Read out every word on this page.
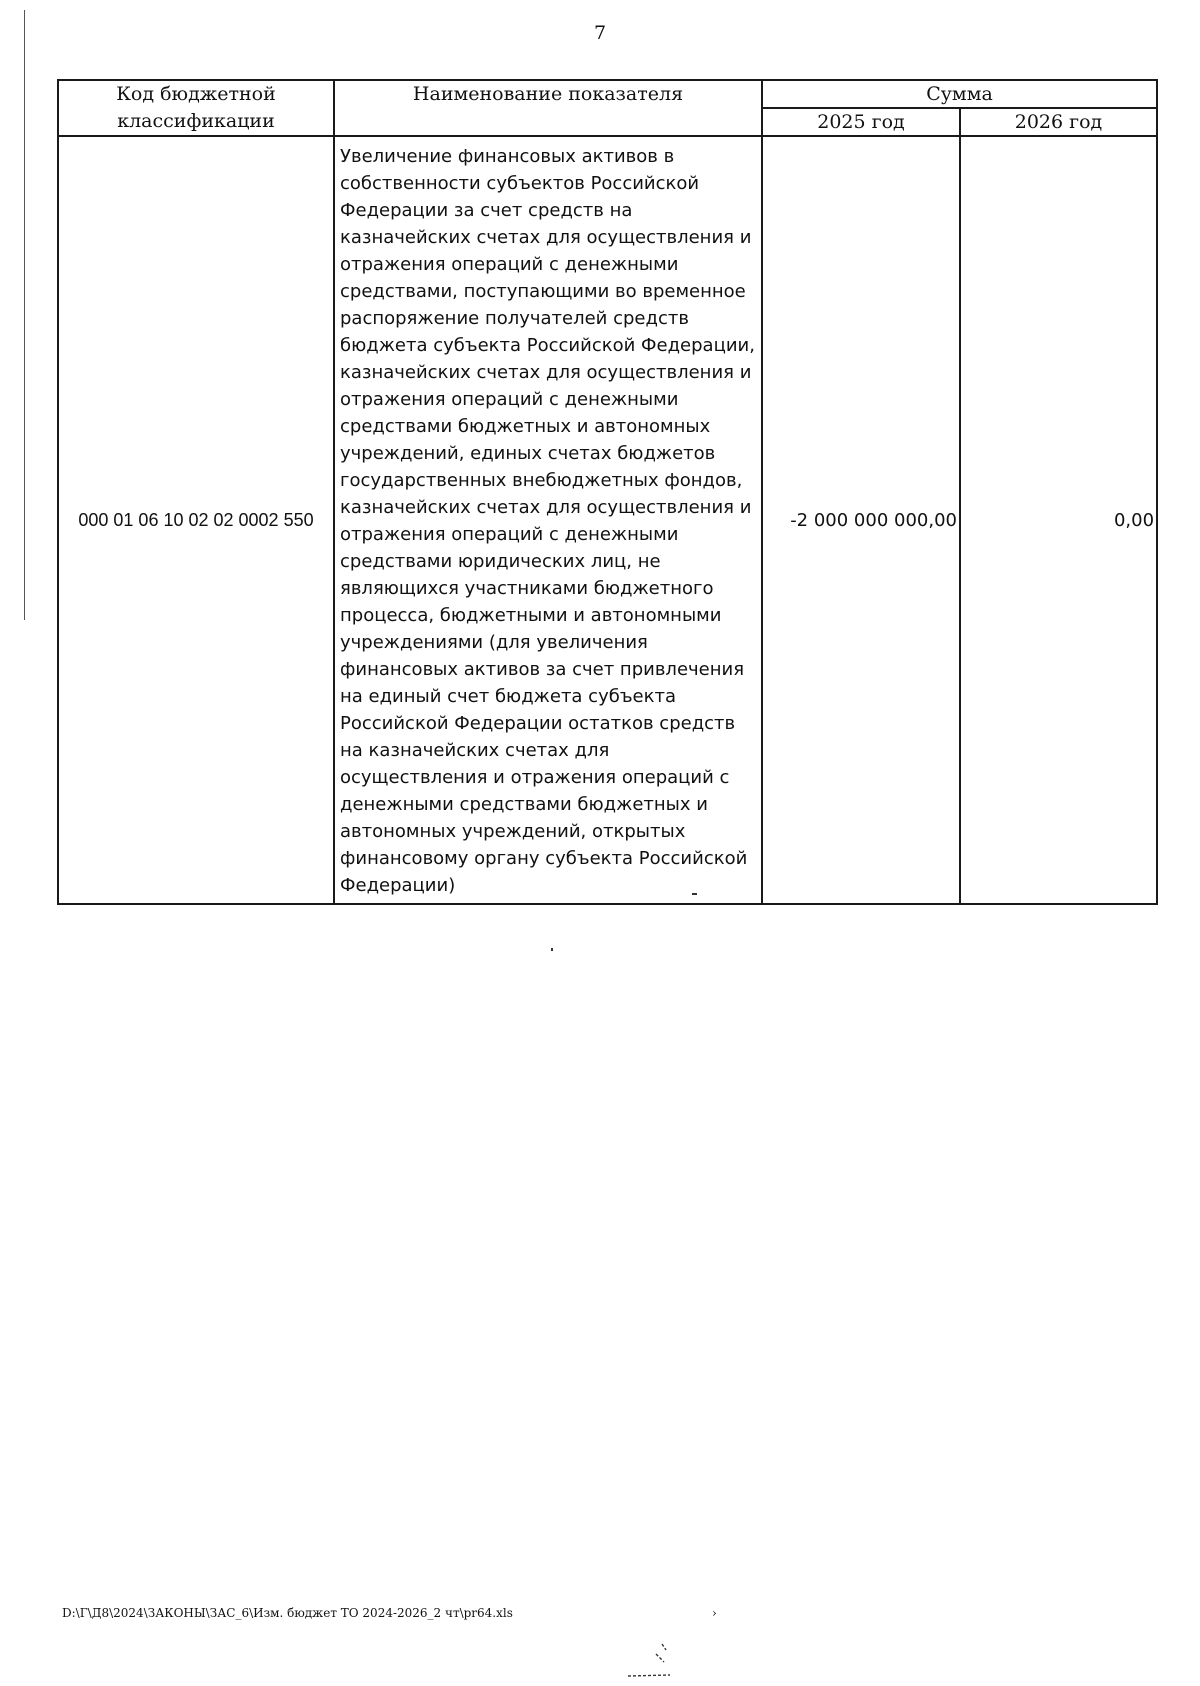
7
Код бюджетной классификации	Наименование показателя	Сумма	
		2025 год	2026 год
000 01 06 10 02 02 0002 550	Увеличение финансовых активов в собственности субъектов Российской Федерации за счет средств на казначейских счетах для осуществления и отражения операций с денежными средствами, поступающими во временное распоряжение получателей средств бюджета субъекта Российской Федерации, казначейских счетах для осуществления и отражения операций с денежными средствами бюджетных и автономных учреждений, единых счетах бюджетов государственных внебюджетных фондов, казначейских счетах для осуществления и отражения операций с денежными средствами юридических лиц, не являющихся участниками бюджетного процесса, бюджетными и автономными учреждениями (для увеличения финансовых активов за счет привлечения на единый счет бюджета субъекта Российской Федерации остатков средств на казначейских счетах для осуществления и отражения операций с денежными средствами бюджетных и автономных учреждений, открытых финансовому органу субъекта Российской Федерации)	-2 000 000 000,00	0,00
D:\Г\Д8\2024\ЗАКОНЫ\ЗАС_6\Изм. бюджет ТО 2024-2026_2 чт\pr64.xls	›
